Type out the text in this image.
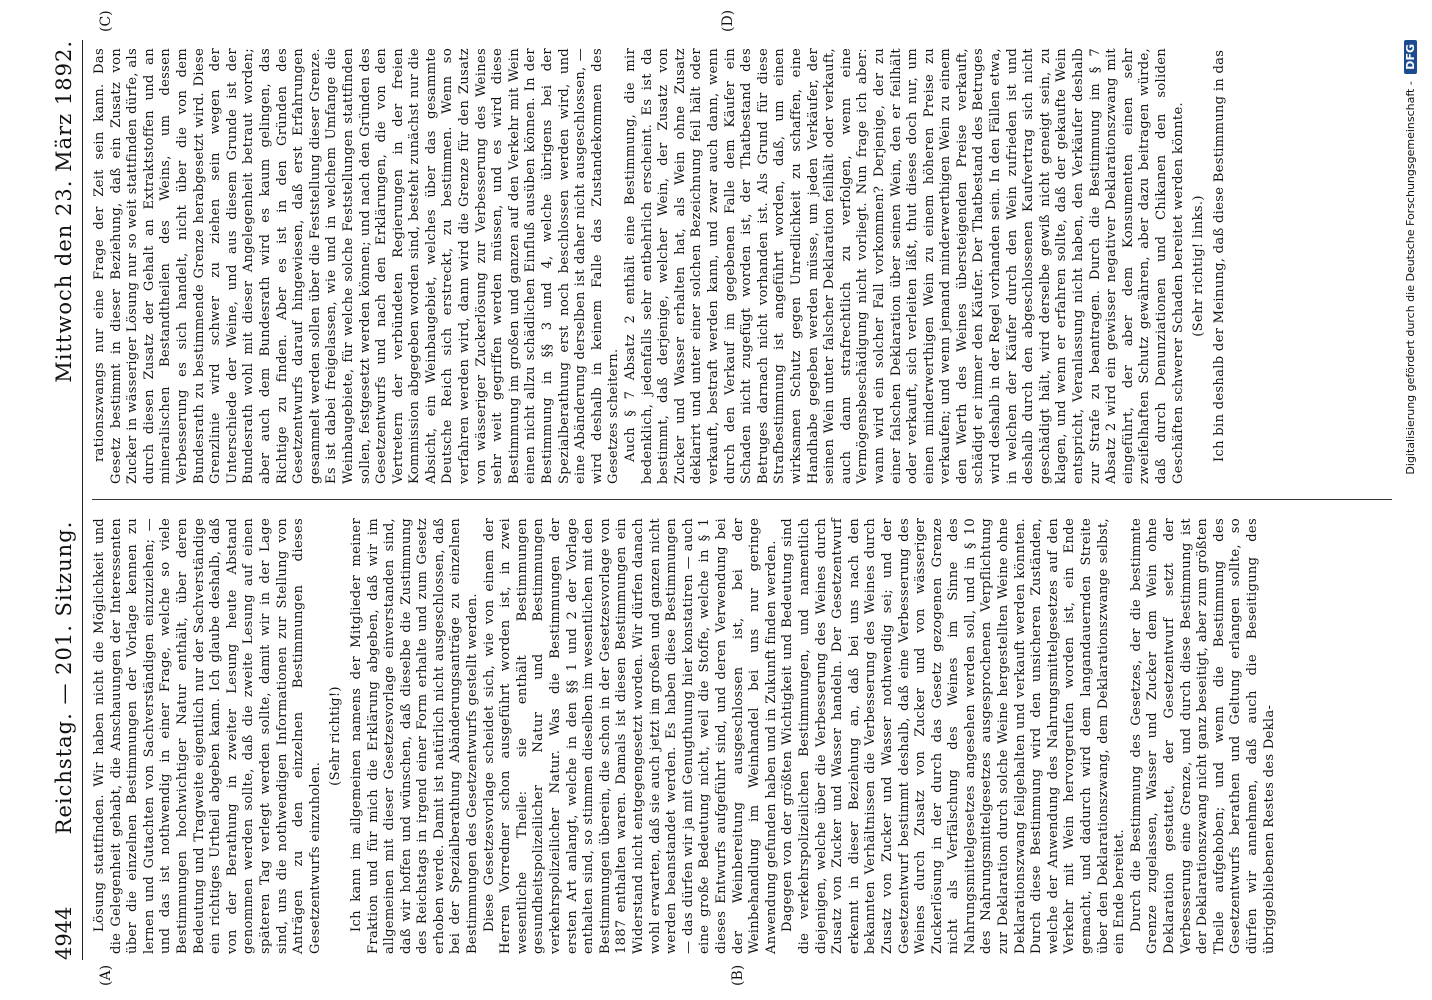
4944
Reichstag. — 201. Sitzung.
Mittwoch den 23. März 1892.
(A)	(B)
(C)	(D)

Lösung stattfinden. Wir haben nicht die Möglichkeit und die Gelegenheit gehabt, die Anschauungen der Interessenten über die einzelnen Bestimmungen der Vorlage kennen zu lernen und Gutachten von Sachverständigen einzuziehen; — und das ist nothwendig in einer Frage, welche so viele Bestimmungen hochwichtiger Natur enthält, über deren Bedeutung und Tragweite eigentlich nur der Sachverständige ein richtiges Urtheil abgeben kann. Ich glaube deshalb, daß von der Berathung in zweiter Lesung heute Abstand genommen werden sollte, daß die zweite Lesung auf einen späteren Tag verlegt werden sollte, damit wir in der Lage sind, uns die nothwendigen Informationen zur Stellung von Anträgen zu den einzelnen Bestimmungen dieses Gesetzentwurfs einzuholen.

(Sehr richtig!) Ich kann im allgemeinen namens der Mitglieder meiner Fraktion und für mich die Erklärung abgeben, daß wir im allgemeinen mit dieser Gesetzesvorlage einverstanden sind, daß wir hoffen und wünschen, daß dieselbe die Zustimmung des Reichstags in irgend einer Form erhalte und zum Gesetz erhoben werde. Damit ist natürlich nicht ausgeschlossen, daß bei der Spezialberathung Abänderungsanträge zu einzelnen Bestimmungen des Gesetzentwurfs gestellt werden. Diese Gesetzesvorlage scheidet sich, wie von einem der Herren Vorredner schon ausgeführt worden ist, in zwei wesentliche Theile: sie enthält Bestimmungen gesundheitspolizeilicher Natur und Bestimmungen verkehrspolizeilicher Natur. Was die Bestimmungen der ersten Art anlangt, welche in den §§ 1 und 2 der Vorlage enthalten sind, so stimmen dieselben im wesentlichen mit den Bestimmungen überein, die schon in der Gesetzesvorlage von 1887 enthalten waren. Damals ist diesen Bestimmungen ein Widerstand nicht entgegengesetzt worden. Wir dürfen danach wohl erwarten, daß sie auch jetzt im großen und ganzen nicht werden beanstandet werden. Es haben diese Bestimmungen — das dürfen wir ja mit Genugthuung hier konstatiren — auch eine große Bedeutung nicht, weil die Stoffe, welche in § 1 dieses Entwurfs aufgeführt sind, und deren Verwendung bei der Weinbereitung ausgeschlossen ist, bei der Weinbehandlung im Weinhandel bei uns nur geringe Anwendung gefunden haben und in Zukunft finden werden. Dagegen von der größten Wichtigkeit und Bedeutung sind die verkehrspolizeilichen Bestimmungen, und namentlich diejenigen, welche über die Verbesserung des Weines durch Zusatz von Zucker und Wasser handeln. Der Gesetzentwurf erkennt in dieser Beziehung an, daß bei uns nach den bekannten Verhältnissen die Verbesserung des Weines durch Zusatz von Zucker und Wasser nothwendig sei; und der Gesetzentwurf bestimmt deshalb, daß eine Verbesserung des Weines durch Zusatz von Zucker und von wässeriger Zuckerlösung in der durch das Gesetz gezogenen Grenze nicht als Verfälschung des Weines im Sinne des Nahrungsmittelgesetzes angesehen werden soll, und in § 10 des Nahrungsmittelgesetzes ausgesprochenen Verpflichtung zur Deklaration durch solche Weine hergestellten Weine ohne Deklarationszwang feilgehalten und verkauft werden könnten. Durch diese Bestimmung wird den unsicheren Zuständen, welche der Anwendung des Nahrungsmittelgesetzes auf den Verkehr mit Wein hervorgerufen worden ist, ein Ende gemacht, und dadurch wird dem langandauernden Streite über den Deklarationszwang, dem Deklarationszwange selbst, ein Ende bereitet. Durch die Bestimmung des Gesetzes, der die bestimmte Grenze zugelassen, Wasser und Zucker dem Wein ohne Deklaration gestattet, der Gesetzentwurf setzt der Verbesserung eine Grenze, und durch diese Bestimmung ist der Deklarationszwang nicht ganz beseitigt, aber zum größten Theile aufgehoben; und wenn die Bestimmung des Gesetzentwurfs berathen und Geltung erlangen sollte, so dürfen wir annehmen, daß auch die Beseitigung des übriggebliebenen Restes des Dekla-

rationszwangs nur eine Frage der Zeit sein kann. Das Gesetz bestimmt in dieser Beziehung, daß ein Zusatz von Zucker in wässeriger Lösung nur so weit stattfinden dürfe, als durch diesen Zusatz der Gehalt an Extraktstoffen und an mineralischen Bestandtheilen des Weins, um dessen Verbesserung es sich handelt, nicht über die von dem Bundesrath zu bestimmende Grenze herabgesetzt wird. Diese Grenzlinie wird schwer zu ziehen sein wegen der Unterschiede der Weine, und aus diesem Grunde ist der Bundesrath wohl mit dieser Angelegenheit betraut worden; aber auch dem Bundesrath wird es kaum gelingen, das Richtige zu finden. Aber es ist in den Gründen des Gesetzentwurfs darauf hingewiesen, daß erst Erfahrungen gesammelt werden sollen über die Feststellung dieser Grenze. Es ist dabei freigelassen, wie und in welchem Umfange die Weinbaugebiete, für welche solche Feststellungen stattfinden sollen, festgesetzt werden können; und nach den Gründen des Gesetzentwurfs und nach den Erklärungen, die von den Vertretern der verbündeten Regierungen in der freien Kommission abgegeben worden sind, besteht zunächst nur die Absicht, ein Weinbaugebiet, welches über das gesammte Deutsche Reich sich erstreckt, zu bestimmen. Wenn so verfahren werden wird, dann wird die Grenze für den Zusatz von wässeriger Zuckerlösung zur Verbesserung des Weines sehr weit gegriffen werden müssen, und es wird diese Bestimmung im großen und ganzen auf den Verkehr mit Wein einen nicht allzu schädlichen Einfluß ausüben können. In der Bestimmung in §§ 3 und 4, welche übrigens bei der Spezialberathung erst noch beschlossen werden wird, und eine Abänderung derselben ist daher nicht ausgeschlossen, — wird deshalb in keinem Falle das Zustandekommen des Gesetzes scheitern. Auch § 7 Absatz 2 enthält eine Bestimmung, die mir bedenklich, jedenfalls sehr entbehrlich erscheint. Es ist da bestimmt, daß derjenige, welcher Wein, der Zusatz von Zucker und Wasser erhalten hat, als Wein ohne Zusatz deklarirt und unter einer solchen Bezeichnung feil hält oder verkauft, bestraft werden kann, und zwar auch dann, wenn durch den Verkauf im gegebenen Falle dem Käufer ein Schaden nicht zugefügt worden ist, der Thatbestand des Betruges darnach nicht vorhanden ist. Als Grund für diese Strafbestimmung ist angeführt worden, daß, um einen wirksamen Schutz gegen Unredlichkeit zu schaffen, eine Handhabe gegeben werden müsse, um jeden Verkäufer, der seinen Wein unter falscher Deklaration feilhält oder verkauft, auch dann strafrechtlich zu verfolgen, wenn eine Vermögensbeschädigung nicht vorliegt. Nun frage ich aber: wann wird ein solcher Fall vorkommen? Derjenige, der zu einer falschen Deklaration über seinen Wein, den er feilhält oder verkauft, sich verleiten läßt, thut dieses doch nur, um einen minderwerthigen Wein zu einem höheren Preise zu verkaufen; und wenn jemand minderwerthigen Wein zu einem den Werth des Weines übersteigenden Preise verkauft, schädigt er immer den Käufer. Der Thatbestand des Betruges wird deshalb in der Regel vorhanden sein. In den Fällen etwa, in welchen der Käufer durch den Wein zufrieden ist und deshalb durch den abgeschlossenen Kaufvertrag sich nicht geschädigt hält, wird derselbe gewiß nicht geneigt sein, zu klagen, und wenn er erfahren sollte, daß der gekaufte Wein entspricht, Veranlassung nicht haben, den Verkäufer deshalb zur Strafe zu beantragen. Durch die Bestimmung im § 7 Absatz 2 wird ein gewisser negativer Deklarationszwang mit eingeführt, der aber dem Konsumenten einen sehr zweifelhaften Schutz gewähren, aber dazu beitragen würde, daß durch Denunziationen und Chikanen den soliden Geschäften schwerer Schaden bereitet werden könnte. (Sehr richtig! links.) Ich bin deshalb der Meinung, daß diese Bestimmung in das	Digitalisierung gefördert durch die Deutsche Forschungsgemeinschaft - DFG
